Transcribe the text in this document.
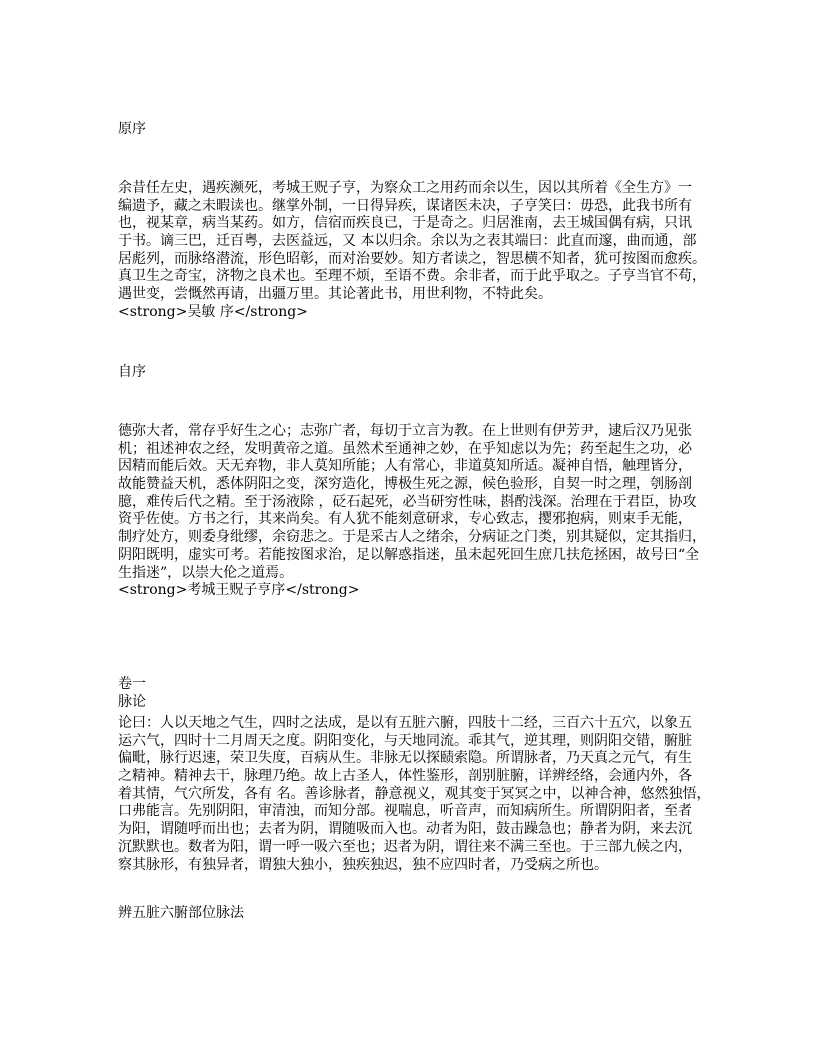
原序
余昔任左史，遇疾濒死，考城王贶子亨，为察众工之用药而余以生，因以其所着《全生方》一
编遗予，藏之未暇读也。继掌外制，一日得异疾，谋诸医未决，子亨笑曰：毋恐，此我书所有
也，视某章，病当某药。如方，信宿而疾良已，于是奇之。归居淮南，去王城国偶有病，只讯
于书。谪三巴，迁百粤，去医益远，又 本以归余。余以为之表其端曰：此直而邃，曲而通，部
居彪列，而脉络潜流，形色昭彰，而对治要妙。知方者读之，智思横不知者，犹可按图而愈疾。
真卫生之奇宝，济物之良术也。至理不烦，至语不费。余非者，而于此乎取之。子亨当官不苟，
遇世变，尝慨然再请，出疆万里。其论著此书，用世利物，不特此矣。
<strong>吴敏 序</strong>
自序
德弥大者，常存乎好生之心；志弥广者，每切于立言为教。在上世则有伊芳尹，逮后汉乃见张
机；祖述神农之经，发明黄帝之道。虽然术至通神之妙，在乎知虑以为先；药至起生之功，必
因精而能后效。天无弃物，非人莫知所能；人有常心，非道莫知所适。凝神自悟，触理皆分，
故能赞益天机，悉体阴阳之变，深穷造化，博极生死之源，候色验形，自契一时之理，刳肠剖
臆，难传后代之精。至于汤液除 ，砭石起死，必当研穷性味，斟酌浅深。治理在于君臣，协攻
资乎佐使。方书之行，其来尚矣。有人犹不能刻意研求，专心致志，撄邪抱病，则束手无能，
制疗处方，则委身纰缪，余窃悲之。于是采古人之绪余，分病证之门类，别其疑似，定其指归，
阴阳既明，虚实可考。若能按图求治，足以解惑指迷，虽未起死回生庶几扶危拯困，故号曰“全
生指迷”，以崇大伦之道焉。
<strong>考城王贶子亨序</strong>
卷一
脉论
论曰：人以天地之气生，四时之法成，是以有五脏六腑，四肢十二经，三百六十五穴，以象五
运六气，四时十二月周天之度。阴阳变化，与天地同流。乖其气，逆其理，则阴阳交错，腑脏
偏毗，脉行迟速，荣卫失度，百病从生。非脉无以探赜索隐。所谓脉者，乃天真之元气，有生
之精神。精神去干，脉理乃绝。故上古圣人，体性鉴形，剖别脏腑，详辨经络，会通内外，各
着其情，气穴所发，各有 名。善诊脉者，静意视义，观其变于冥冥之中，以神合神，悠然独悟，
口弗能言。先别阴阳，审清浊，而知分部。视喘息，听音声，而知病所生。所谓阴阳者，至者
为阳，谓随呼而出也；去者为阴，谓随吸而入也。动者为阳，鼓击躁急也；静者为阴，来去沉
沉默默也。数者为阳，谓一呼一吸六至也；迟者为阴，谓往来不满三至也。于三部九候之内，
察其脉形，有独异者，谓独大独小，独疾独迟，独不应四时者，乃受病之所也。
辨五脏六腑部位脉法
